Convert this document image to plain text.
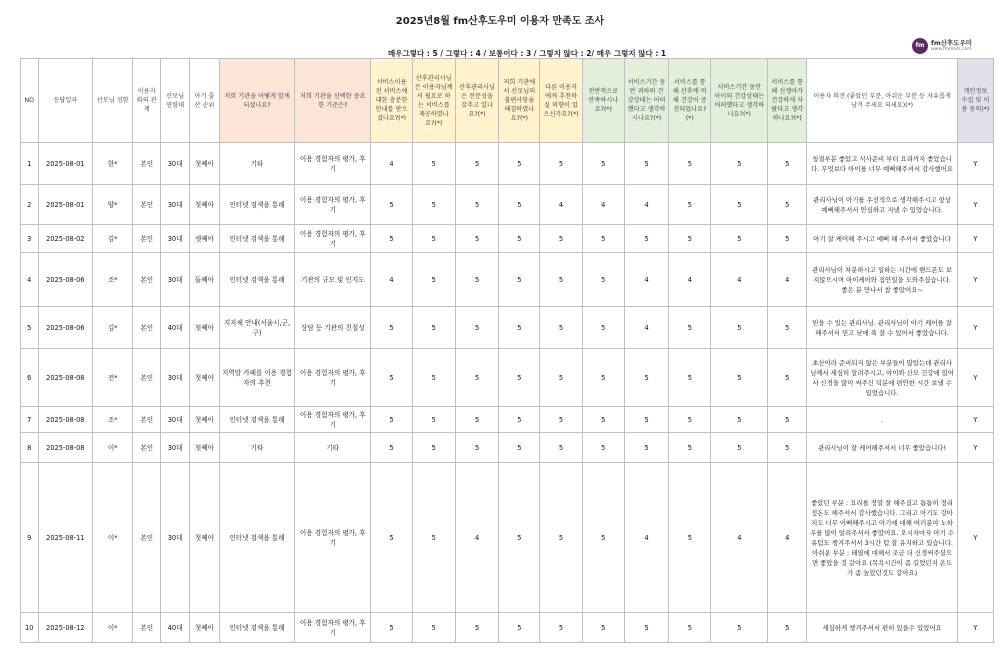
2025년8월 fm산후도우미 이용자 만족도 조사
매우그렇다 : 5 / 그렇다 : 4 / 보통이다 : 3 / 그렇지 않다 : 2/ 매우 그렇지 않다 : 1
fm	fm산후도우미
www.fmmom.com
NO	응답일자	산모님 성함	이용자와의 관계	산모님 연령대	아기 출산 순위	저희 기관을 어떻게 알게 되셨나요?	저희 기관을 선택한 중요한 기준은?	서비스이용 전 서비스에 대한 충분한 안내를 받으셨나요?(*)	산후관리사님은 이용자님께서 필요로 하는 서비스를 제공하였나요?(*)	산후관리사님은 전문성을 갖추고 있나요?(*)	저희 기관에서 산모님의 불편사항을 해결하였나요?(*)	다른 이용자에게 추천하실 의향이 있으신가요?(*)	전반적으로 만족하시나요?(*)	서비스기간 동안 귀하의 건강상태는 어떠했다고 생각하시나요?(*)	서비스를 통해 산후에 비해 건강이 증진되었나요?(*)	서비스기간 동안 아이의 건강상태는 어떠했다고 생각하나요?(*)	서비스를 통해 신생아가 건강하게 자랐다고 생각하나요?(*)	이용자 의견 (좋았던 부분, 아쉬운 부분 등 자유롭게 남겨 주세요 되세요)(*)	개인정보 수집 및 이용 동의(*)
1	2025-08-01	한*	본인	30대	첫째아	기타	이용 경험자의 평가, 후기	4	5	5	5	5	5	5	5	5	5	청결부분 좋았고 식사준비 부터 요리까지 좋았습니다. 무엇보다 아이를 너무 예뻐해주셔서 감사했어요	Y
2	2025-08-01	양*	본인	30대	첫째아	인터넷 검색을 통해	이용 경험자의 평가, 후기	5	5	5	5	4	4	4	5	5	5	관리사님이 아기를 우선적으로 생각해주시고 항상 예뻐해주셔서 안심하고 지낼 수 있었습니다.	Y
3	2025-08-02	김*	본인	30대	셋째아	인터넷 검색을 통해	이용 경험자의 평가, 후기	5	5	5	5	5	5	5	5	5	5	아기 잘 케어해 주시고 예뻐 해 주셔서 좋았습니다	Y
4	2025-08-06	조*	본인	30대	둘째아	인터넷 검색을 통해	기관의 규모 및 인지도	4	5	5	5	5	5	4	4	4	4	관리사님이 차분하시고 일하는 시간에 핸드폰도 보지않으시며 아이케어와 집안일을 도와주셨습니다. 좋은 분 만나서 참 좋았어요~	Y
5	2025-08-06	김*	본인	40대	첫째아	지자체 안내(서울시,군,구)	상담 등 기관의 친절성	5	5	5	5	5	5	4	5	5	5	믿을 수 있는 관리사님. 관리사님이 아기 케어를 잘 해주셔서 믿고 낮에 푹 잘 수 있어서 좋았습니다.	Y
6	2025-08-08	전*	본인	30대	첫째아	지역맘 카페를 이용 경험자의 추천	이용 경험자의 평가, 후기	5	5	5	5	5	5	5	5	5	5	초산이라 준비되지 않은 부분들이 많았는데 관리사님께서 세심히 알려주시고, 아이와 산모 건강에 있어서 신경을 많이 써주신 덕분에 편안한 시간 보낼 수 있었습니다.	Y
7	2025-08-08	조*	본인	30대	첫째아	인터넷 검색을 통해	이용 경험자의 평가, 후기	5	5	5	5	5	5	5	5	5	5	.	Y
8	2025-08-08	이*	본인	30대	첫째아	기타	기타	5	5	5	5	5	5	5	5	5	5	관리사님이 잘 케어해주셔서 너무 좋았습니다!	Y
9	2025-08-11	이*	본인	30대	첫째아	인터넷 검색을 통해	이용 경험자의 평가, 후기	5	5	4	5	5	5	4	5	4	4	좋았던 부분 : 요리를 정말 잘 해주셨고 틈틈히 정리정돈도 해주셔서 감사했습니다. 그리고 아기도 강아지도 너무 이뻐해주시고 아기에 대해 여러분야 노하우를 많이 알려주셔서 좋았어요. 오시자마자 아기 수유텀도 챙겨주셔서 3시간 텀 잘 유지하고 있습니다. 아쉬운 부분 : 태열에 대해서 조금 더 신경써주셨으면 좋았을 것 같아요 (목욕시간이 좀 길었던지 온도가 좀 높았던것도 같아요)	Y
10	2025-08-12	이*	본인	40대	첫째아	인터넷 검색을 통해	이용 경험자의 평가, 후기	5	5	5	5	5	5	5	5	5	5	세심하게 챙겨주셔서 편히 있을수 있었어요	Y
